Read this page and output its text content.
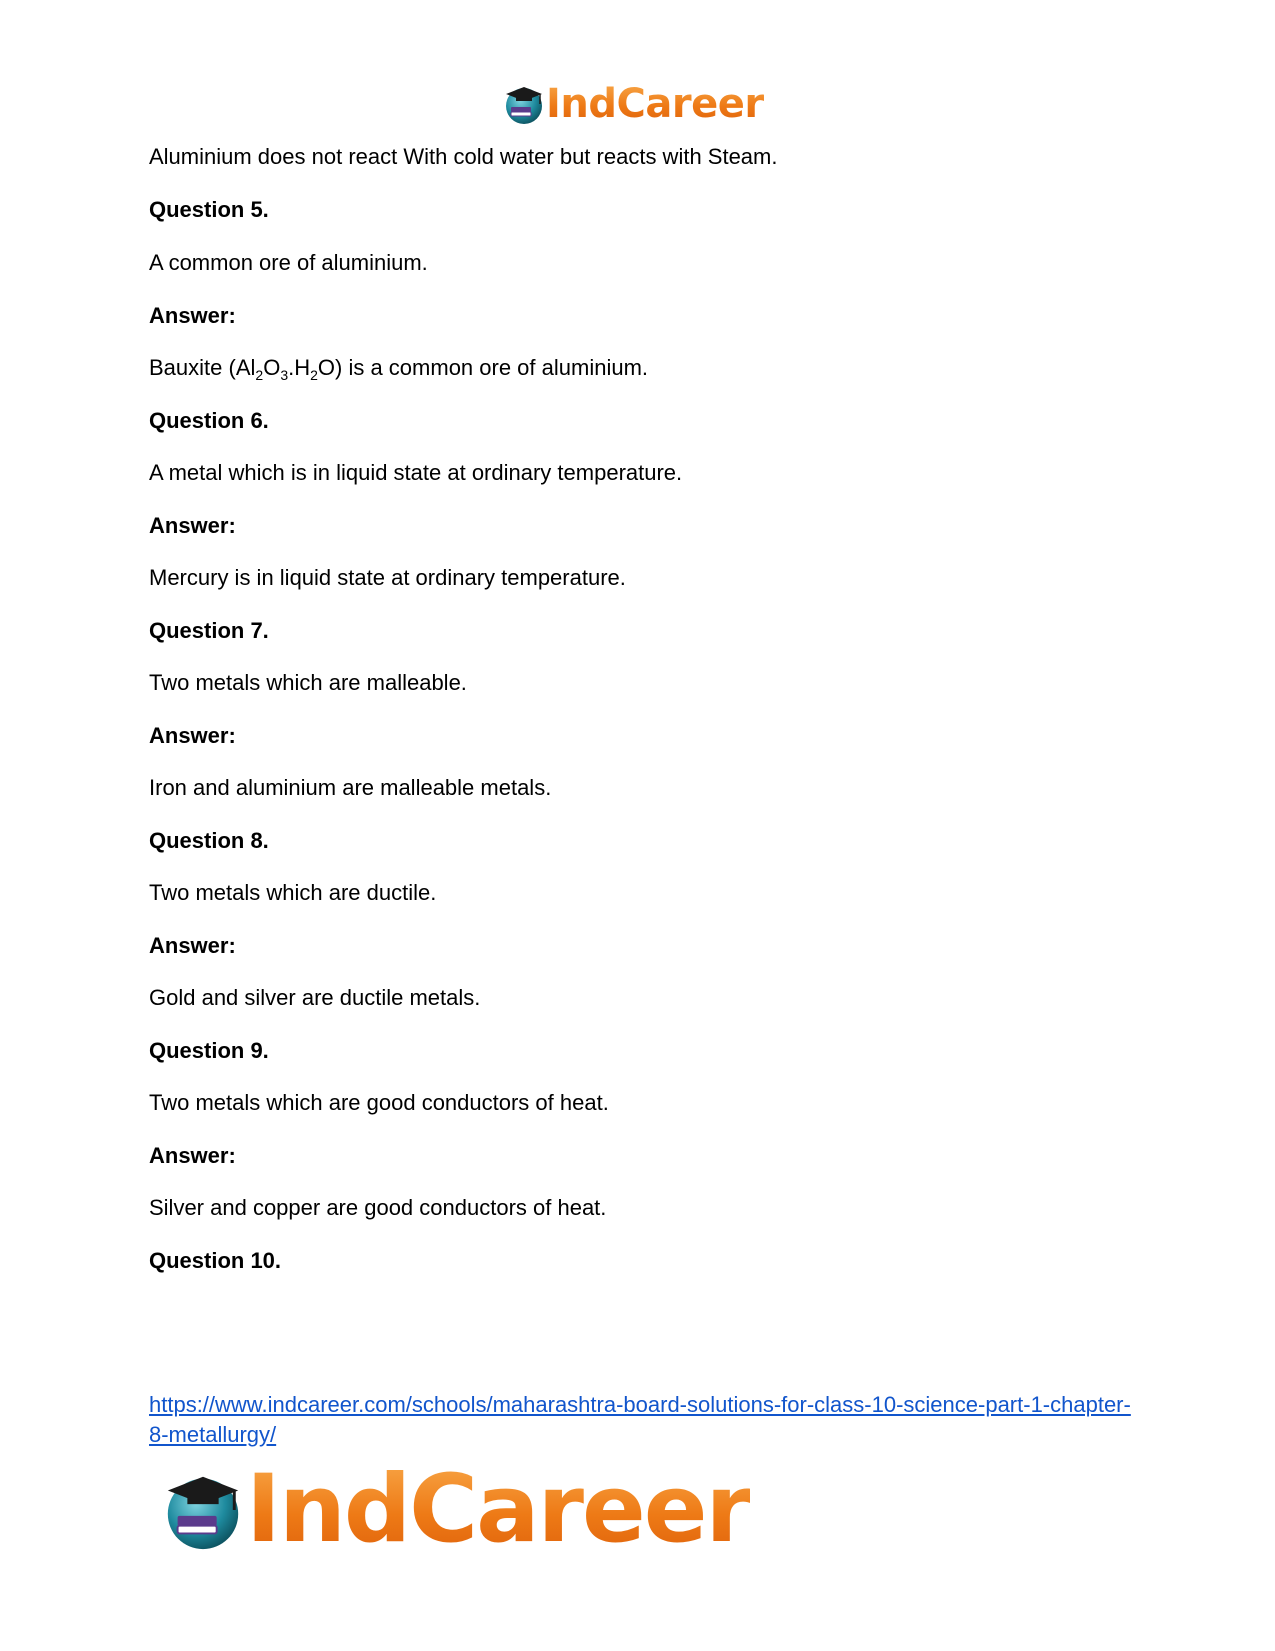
IndCareer
Aluminium does not react With cold water but reacts with Steam.
Question 5.
A common ore of aluminium.
Answer:
Bauxite $(Al_2O_3.H_2O)$ is a common ore of aluminium.
Question 6.
A metal which is in liquid state at ordinary temperature.
Answer:
Mercury is in liquid state at ordinary temperature.
Question 7.
Two metals which are malleable.
Answer:
Iron and aluminium are malleable metals.
Question 8.
Two metals which are ductile.
Answer:
Gold and silver are ductile metals.
Question 9.
Two metals which are good conductors of heat.
Answer:
Silver and copper are good conductors of heat.
Question 10.
https://www.indcareer.com/schools/maharashtra-board-solutions-for-class-10-science-part-1-chapter-8-metallurgy/
IndCareer
